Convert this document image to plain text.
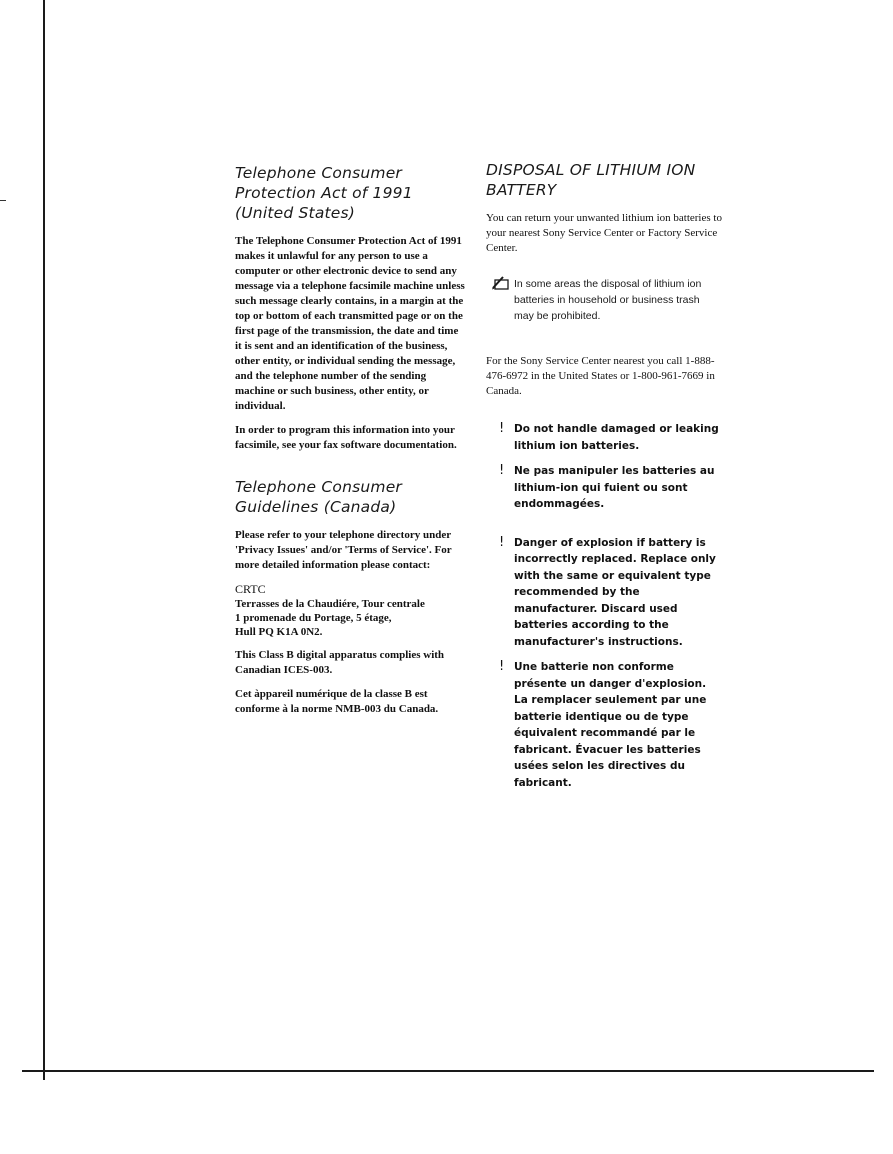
Telephone Consumer
Protection Act of 1991
(United States)

The Telephone Consumer Protection Act of 1991 makes it unlawful for any person to use a computer or other electronic device to send any message via a telephone facsimile machine unless such message clearly contains, in a margin at the top or bottom of each transmitted page or on the first page of the transmission, the date and time it is sent and an identification of the business, other entity, or individual sending the message, and the telephone number of the sending machine or such business, other entity, or individual.

In order to program this information into your facsimile, see your fax software documentation.

Telephone Consumer
Guidelines (Canada)

Please refer to your telephone directory under 'Privacy Issues' and/or 'Terms of Service'. For more detailed information please contact:

CRTC
Terrasses de la Chaudiére, Tour centrale
1 promenade du Portage, 5 étage,
Hull PQ K1A 0N2.

This Class B digital apparatus complies with Canadian ICES-003.

Cet àppareil numérique de la classe B est conforme à la norme NMB-003 du Canada.

DISPOSAL OF LITHIUM ION
BATTERY

You can return your unwanted lithium ion batteries to your nearest Sony Service Center or Factory Service Center.

In some areas the disposal of lithium ion batteries in household or business trash may be prohibited.

For the Sony Service Center nearest you call 1-888-476-6972 in the United States or 1-800-961-7669 in Canada.

! Do not handle damaged or leaking lithium ion batteries.
! Ne pas manipuler les batteries au lithium-ion qui fuient ou sont endommagées.
! Danger of explosion if battery is incorrectly replaced. Replace only with the same or equivalent type recommended by the manufacturer. Discard used batteries according to the manufacturer's instructions.
! Une batterie non conforme présente un danger d'explosion. La remplacer seulement par une batterie identique ou de type équivalent recommandé par le fabricant. Évacuer les batteries usées selon les directives du fabricant.
